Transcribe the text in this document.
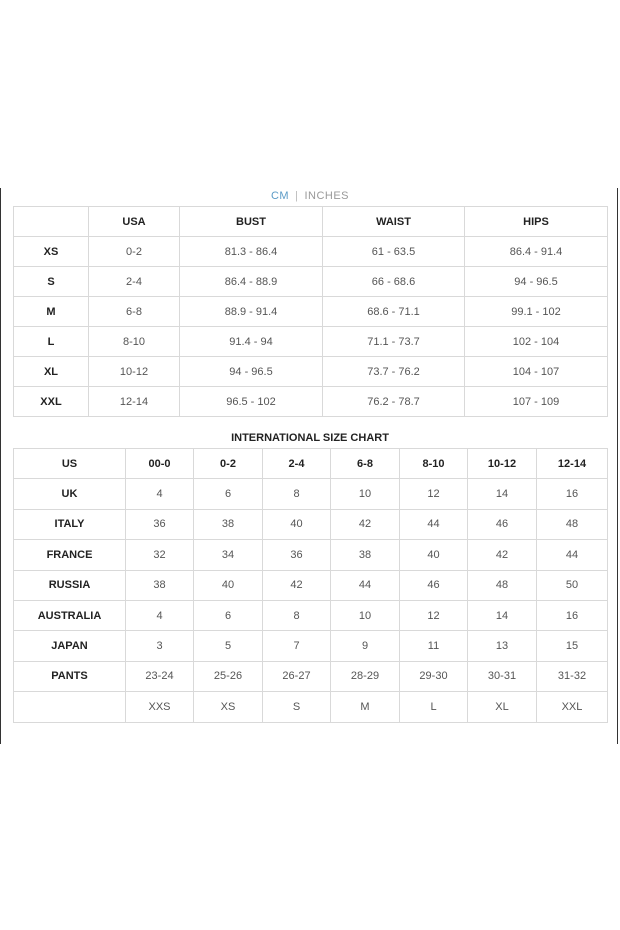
CM | INCHES
	USA	BUST	WAIST	HIPS
XS	0-2	81.3 - 86.4	61 - 63.5	86.4 - 91.4
S	2-4	86.4 - 88.9	66 - 68.6	94 - 96.5
M	6-8	88.9 - 91.4	68.6 - 71.1	99.1 - 102
L	8-10	91.4 - 94	71.1 - 73.7	102 - 104
XL	10-12	94 - 96.5	73.7 - 76.2	104 - 107
XXL	12-14	96.5 - 102	76.2 - 78.7	107 - 109
INTERNATIONAL SIZE CHART
US	00-0	0-2	2-4	6-8	8-10	10-12	12-14
UK	4	6	8	10	12	14	16
ITALY	36	38	40	42	44	46	48
FRANCE	32	34	36	38	40	42	44
RUSSIA	38	40	42	44	46	48	50
AUSTRALIA	4	6	8	10	12	14	16
JAPAN	3	5	7	9	11	13	15
PANTS	23-24	25-26	26-27	28-29	29-30	30-31	31-32
	XXS	XS	S	M	L	XL	XXL
